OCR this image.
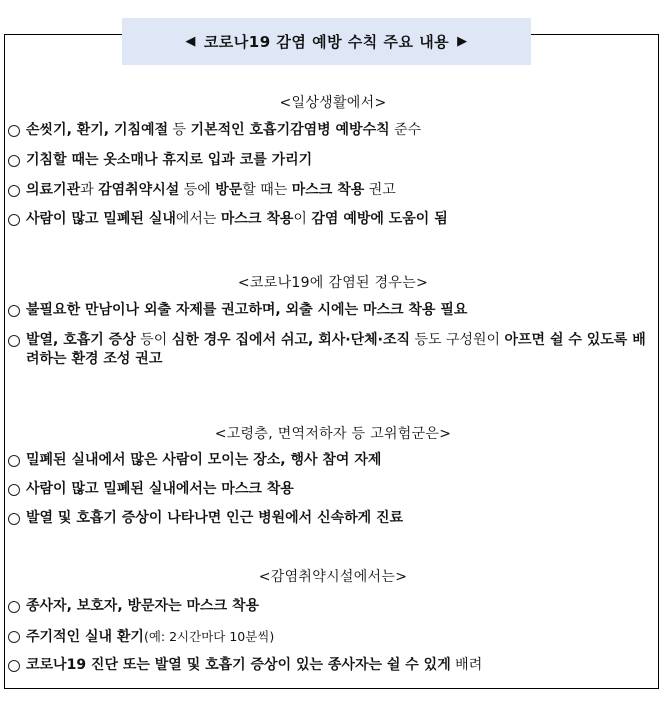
◀ 코로나19 감염 예방 수칙 주요 내용 ▶
<일상생활에서>
손씻기, 환기, 기침예절 등 기본적인 호흡기감염병 예방수칙 준수
기침할 때는 옷소매나 휴지로 입과 코를 가리기
의료기관과 감염취약시설 등에 방문할 때는 마스크 착용 권고
사람이 많고 밀폐된 실내에서는 마스크 착용이 감염 예방에 도움이 됨
<코로나19에 감염된 경우는>
불필요한 만남이나 외출 자제를 권고하며, 외출 시에는 마스크 착용 필요
발열, 호흡기 증상 등이 심한 경우 집에서 쉬고, 회사·단체·조직 등도 구성원이 아프면 쉴 수 있도록 배려하는 환경 조성 권고
<고령층, 면역저하자 등 고위험군은>
밀폐된 실내에서 많은 사람이 모이는 장소, 행사 참여 자제
사람이 많고 밀폐된 실내에서는 마스크 착용
발열 및 호흡기 증상이 나타나면 인근 병원에서 신속하게 진료
<감염취약시설에서는>
종사자, 보호자, 방문자는 마스크 착용
주기적인 실내 환기(예: 2시간마다 10분씩)
코로나19 진단 또는 발열 및 호흡기 증상이 있는 종사자는 쉴 수 있게 배려
